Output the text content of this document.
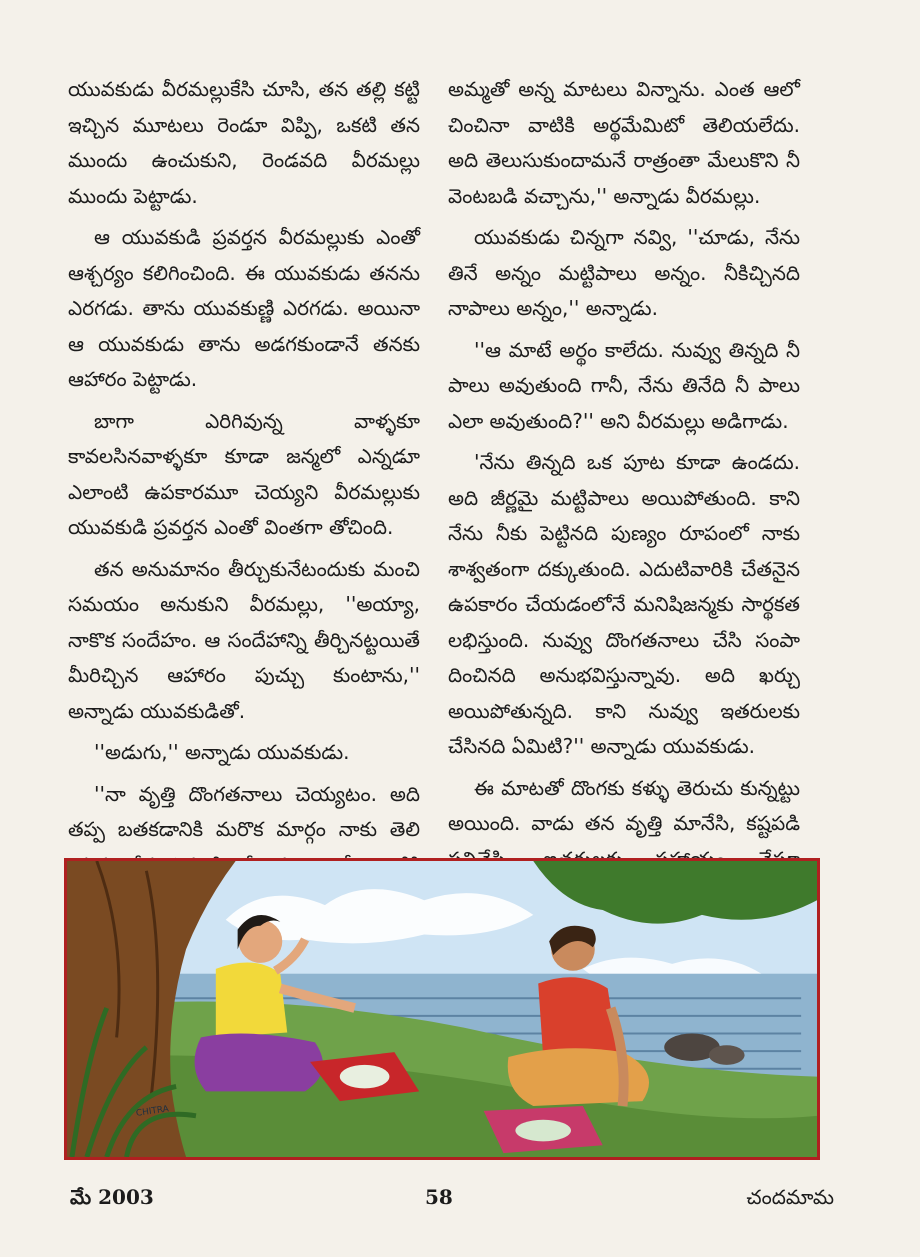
యువకుడు వీరమల్లుకేసి చూసి, తన తల్లి కట్టి ఇచ్చిన మూటలు రెండూ విప్పి, ఒకటి తన ముందు ఉంచుకుని, రెండవది వీరమల్లు ముందు పెట్టాడు.

ఆ యువకుడి ప్రవర్తన వీరమల్లుకు ఎంతో ఆశ్చర్యం కలిగించింది. ఈ యువకుడు తనను ఎరగడు. తాను యువకుణ్ణి ఎరగడు. అయినా ఆ యువకుడు తాను అడగకుండానే తనకు ఆహారం పెట్టాడు.

బాగా ఎరిగివున్న వాళ్ళకూ కావలసినవాళ్ళకూ కూడా జన్మలో ఎన్నడూ ఎలాంటి ఉపకారమూ చెయ్యని వీరమల్లుకు యువకుడి ప్రవర్తన ఎంతో వింతగా తోచింది.

తన అనుమానం తీర్చుకునేటందుకు మంచి సమయం అనుకుని వీరమల్లు, ''అయ్యా, నాకొక సందేహం. ఆ సందేహాన్ని తీర్చినట్టయితే మీరిచ్చిన ఆహారం పుచ్చు కుంటాను,'' అన్నాడు యువకుడితో.

''అడుగు,'' అన్నాడు యువకుడు.

''నా వృత్తి దొంగతనాలు చెయ్యటం. అది తప్ప బతకడానికి మరొక మార్గం నాకు తెలి

అమ్మతో అన్న మాటలు విన్నాను. ఎంత ఆలో చించినా వాటికి అర్థమేమిటో తెలియలేదు. అది తెలుసుకుందామనే రాత్రంతా మేలుకొని నీ వెంటబడి వచ్చాను,'' అన్నాడు వీరమల్లు.

యువకుడు చిన్నగా నవ్వి, ''చూడు, నేను తినే అన్నం మట్టిపాలు అన్నం. నీకిచ్చినది నాపాలు అన్నం,'' అన్నాడు.

''ఆ మాటే అర్థం కాలేదు. నువ్వు తిన్నది నీ పాలు అవుతుంది గానీ, నేను తినేది నీ పాలు ఎలా అవుతుంది?'' అని వీరమల్లు అడిగాడు.

'నేను తిన్నది ఒక పూట కూడా ఉండదు. అది జీర్ణమై మట్టిపాలు అయిపోతుంది. కాని నేను నీకు పెట్టినది పుణ్యం రూపంలో నాకు శాశ్వతంగా దక్కుతుంది. ఎదుటివారికి చేతనైన ఉపకారం చేయడంలోనే మనిషిజన్మకు సార్థకత లభిస్తుంది. నువ్వు దొంగతనాలు చేసి సంపా దించినది అనుభవిస్తున్నావు. అది ఖర్చు అయిపోతున్నది. కాని నువ్వు ఇతరులకు చేసినది ఏమిటి?'' అన్నాడు యువకుడు.

ఈ మాటతో దొంగకు కళ్ళు తెరుచు కున్నట్టు అయింది. వాడు తన వృత్తి మానేసి, కష్టపడి

CHITRA
మే 2003	58	చందమామ
